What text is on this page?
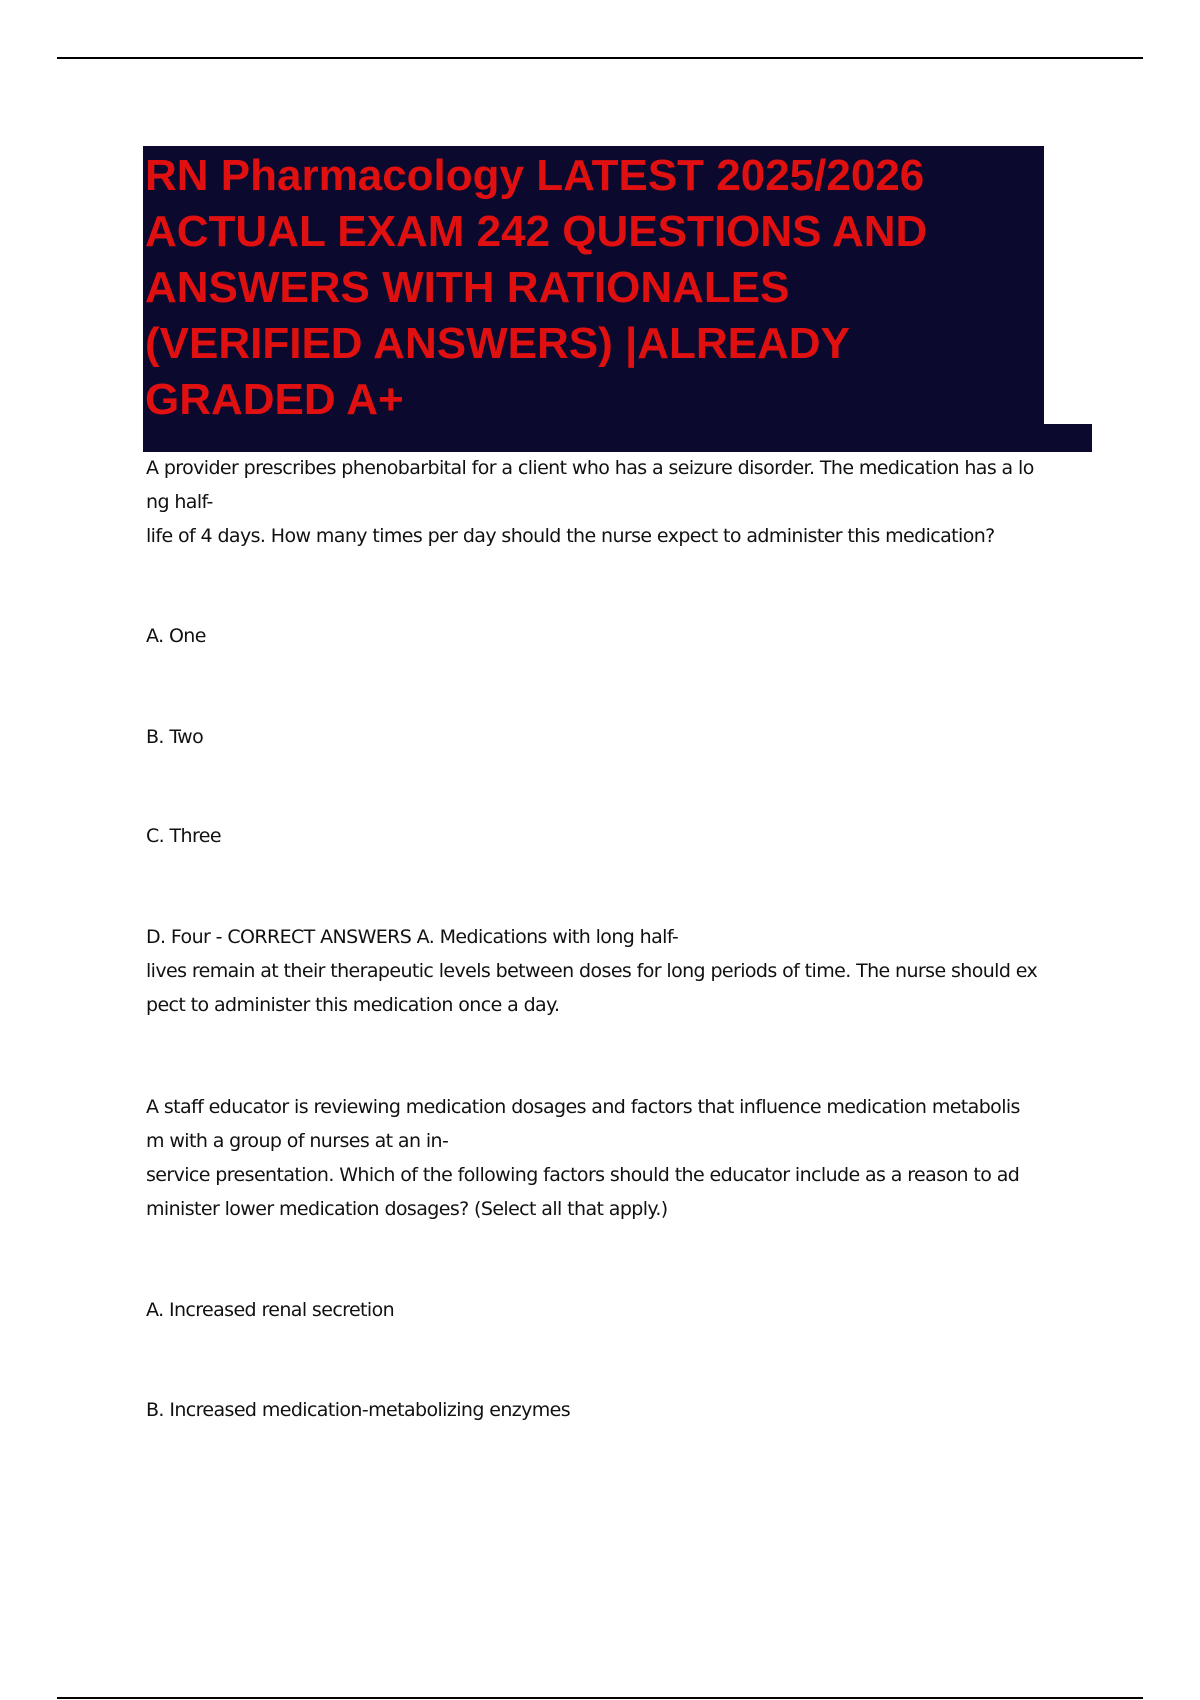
RN Pharmacology LATEST 2025/2026
ACTUAL EXAM 242 QUESTIONS AND
ANSWERS WITH RATIONALES
(VERIFIED ANSWERS) |ALREADY
GRADED A+

A provider prescribes phenobarbital for a client who has a seizure disorder. The medication has a lo
ng half-
life of 4 days. How many times per day should the nurse expect to administer this medication?

A. One

B. Two

C. Three

D. Four - CORRECT ANSWERS A. Medications with long half-
lives remain at their therapeutic levels between doses for long periods of time. The nurse should ex
pect to administer this medication once a day.

A staff educator is reviewing medication dosages and factors that influence medication metabolis
m with a group of nurses at an in-
service presentation. Which of the following factors should the educator include as a reason to ad
minister lower medication dosages? (Select all that apply.)

A. Increased renal secretion

B. Increased medication-metabolizing enzymes
